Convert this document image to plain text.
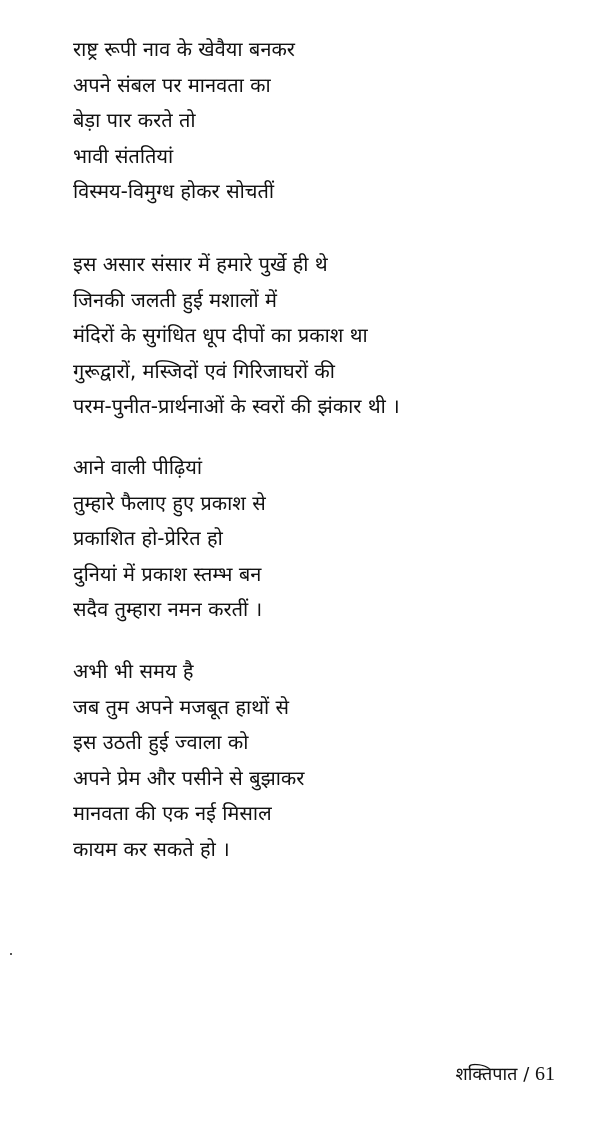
राष्ट्र रूपी नाव के खेवैया बनकर
अपने संबल पर मानवता का
बेड़ा पार करते तो
भावी संततियां
विस्मय-विमुग्ध होकर सोचतीं
इस असार संसार में हमारे पुर्खे ही थे
जिनकी जलती हुई मशालों में
मंदिरों के सुगंधित धूप दीपों का प्रकाश था
गुरूद्वारों, मस्जिदों एवं गिरिजाघरों की
परम-पुनीत-प्रार्थनाओं के स्वरों की झंकार थी ।
आने वाली पीढ़ियां
तुम्हारे फैलाए हुए प्रकाश से
प्रकाशित हो-प्रेरित हो
दुनियां में प्रकाश स्तम्भ बन
सदैव तुम्हारा नमन करतीं ।
अभी भी समय है
जब तुम अपने मजबूत हाथों से
इस उठती हुई ज्वाला को
अपने प्रेम और पसीने से बुझाकर
मानवता की एक नई मिसाल
कायम कर सकते हो ।
शक्तिपात / 61
